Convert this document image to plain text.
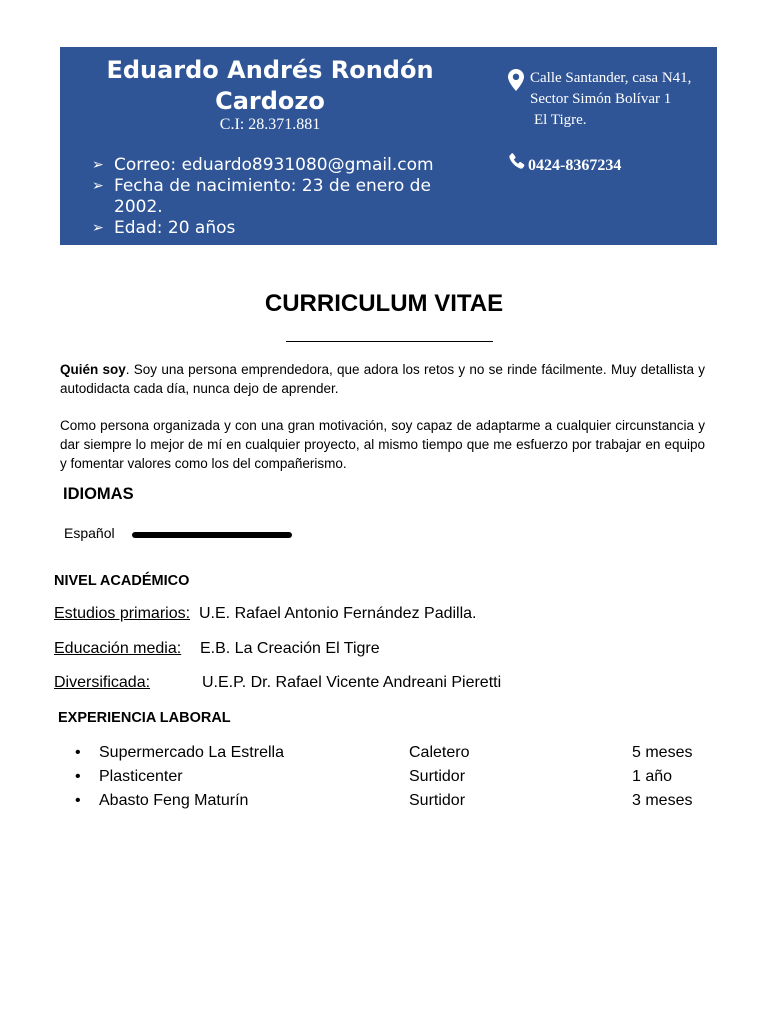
Eduardo Andrés Rondón Cardozo
C.I: 28.371.881
➢ Correo: eduardo8931080@gmail.com
➢ Fecha de nacimiento: 23 de enero de 2002.
➢ Edad: 20 años
Calle Santander, casa N41,
Sector Simón Bolívar 1
El Tigre.
0424-8367234
CURRICULUM VITAE
Quién soy. Soy una persona emprendedora, que adora los retos y no se rinde fácilmente. Muy detallista y autodidacta cada día, nunca dejo de aprender.
Como persona organizada y con una gran motivación, soy capaz de adaptarme a cualquier circunstancia y dar siempre lo mejor de mí en cualquier proyecto, al mismo tiempo que me esfuerzo por trabajar en equipo y fomentar valores como los del compañerismo.
IDIOMAS
Español
NIVEL ACADÉMICO
Estudios primarios: U.E. Rafael Antonio Fernández Padilla.
Educación media: E.B. La Creación El Tigre
Diversificada:	U.E.P. Dr. Rafael Vicente Andreani Pieretti
EXPERIENCIA LABORAL
• Supermercado La Estrella	Caletero	5 meses
• Plasticenter	Surtidor	1 año
• Abasto Feng Maturín	Surtidor	3 meses
